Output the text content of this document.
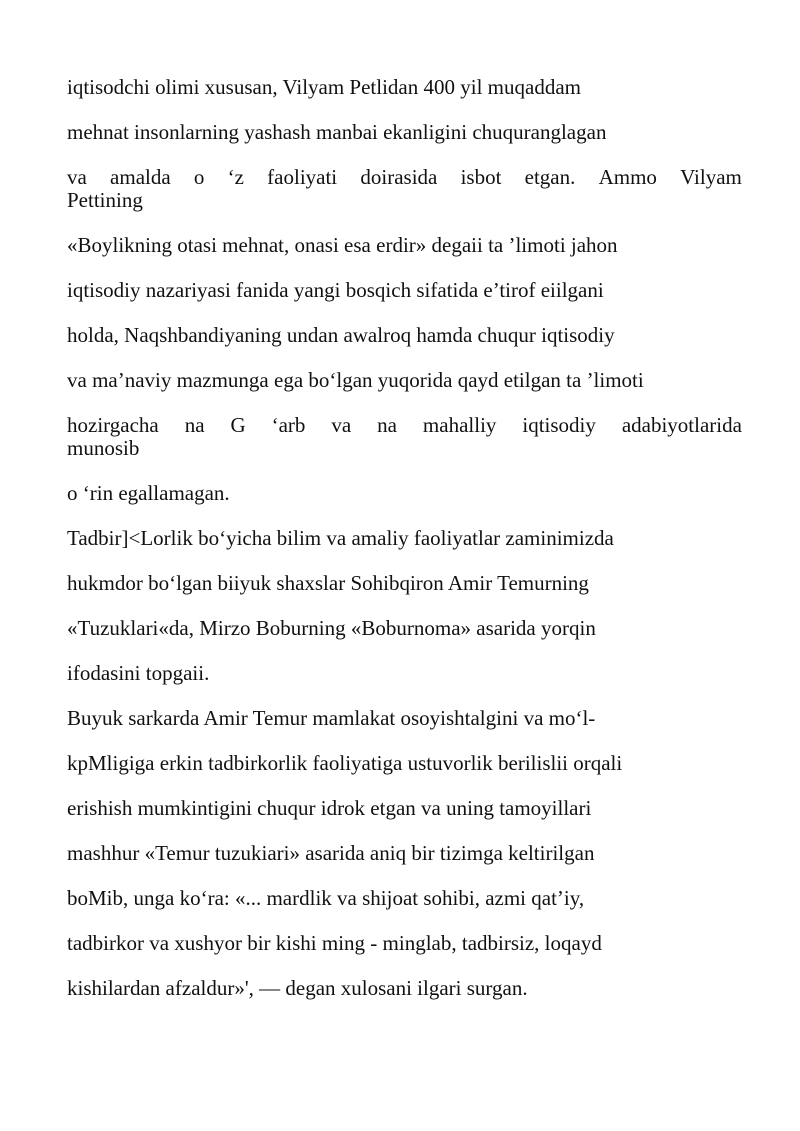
iqtisodchi olimi xususan, Vilyam Petlidan 400 yil muqaddam
mehnat insonlarning yashash manbai ekanligini chuquranglagan
va amalda o ‘z faoliyati doirasida isbot etgan. Ammo Vilyam
Pettining
«Boylikning otasi mehnat, onasi esa erdir» degaii ta ’limoti jahon
iqtisodiy nazariyasi fanida yangi bosqich sifatida e’tirof eiilgani
holda, Naqshbandiyaning undan awalroq hamda chuqur iqtisodiy
va ma’naviy mazmunga ega bo‘lgan yuqorida qayd etilgan ta ’limoti
hozirgacha na G ‘arb va na mahalliy iqtisodiy adabiyotlarida
munosib
o ‘rin egallamagan.
Tadbir]<Lorlik bo‘yicha bilim va amaliy faoliyatlar zaminimizda
hukmdor bo‘lgan biiyuk shaxslar Sohibqiron Amir Temurning
«Tuzuklari«da, Mirzo Boburning «Boburnoma» asarida yorqin
ifodasini topgaii.
Buyuk sarkarda Amir Temur mamlakat osoyishtalgini va mo‘l-
kpMligiga erkin tadbirkorlik faoliyatiga ustuvorlik berilislii orqali
erishish mumkintigini chuqur idrok etgan va uning tamoyillari
mashhur «Temur tuzukiari» asarida aniq bir tizimga keltirilgan
boMib, unga ko‘ra: «... mardlik va shijoat sohibi, azmi qat’iy,
tadbirkor va xushyor bir kishi ming - minglab, tadbirsiz, loqayd
kishilardan afzaldur»', — degan xulosani ilgari surgan.
